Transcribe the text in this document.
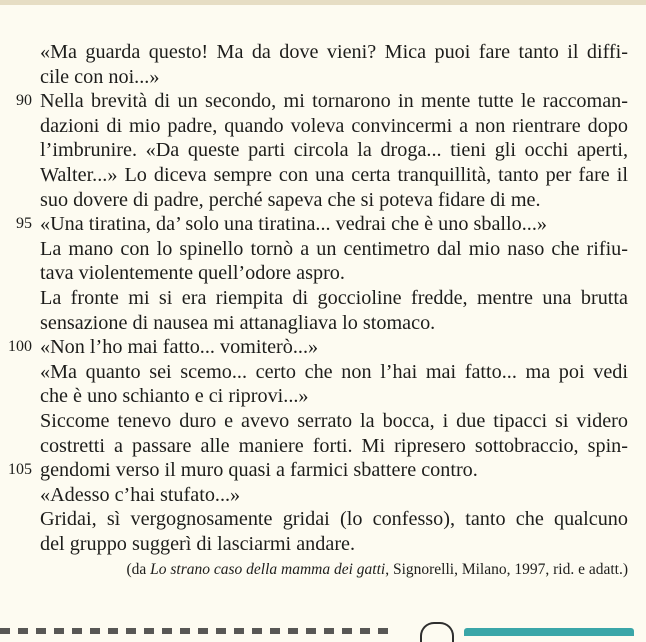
«Ma guarda questo! Ma da dove vieni? Mica puoi fare tanto il diffi-
cile con noi...»
90 Nella brevità di un secondo, mi tornarono in mente tutte le raccoman-
dazioni di mio padre, quando voleva convincermi a non rientrare dopo
l’imbrunire. «Da queste parti circola la droga... tieni gli occhi aperti,
Walter...» Lo diceva sempre con una certa tranquillità, tanto per fare il
suo dovere di padre, perché sapeva che si poteva fidare di me.
95 «Una tiratina, da’ solo una tiratina... vedrai che è uno sballo...»
La mano con lo spinello tornò a un centimetro dal mio naso che rifiu-
tava violentemente quell’odore aspro.
La fronte mi si era riempita di goccioline fredde, mentre una brutta
sensazione di nausea mi attanagliava lo stomaco.
100 «Non l’ho mai fatto... vomiterò...»
«Ma quanto sei scemo... certo che non l’hai mai fatto... ma poi vedi
che è uno schianto e ci riprovi...»
Siccome tenevo duro e avevo serrato la bocca, i due tipacci si videro
costretti a passare alle maniere forti. Mi ripresero sottobraccio, spin-
105 gendomi verso il muro quasi a farmici sbattere contro.
«Adesso c’hai stufato...»
Gridai, sì vergognosamente gridai (lo confesso), tanto che qualcuno
del gruppo suggerì di lasciarmi andare.
(da Lo strano caso della mamma dei gatti, Signorelli, Milano, 1997, rid. e adatt.)
